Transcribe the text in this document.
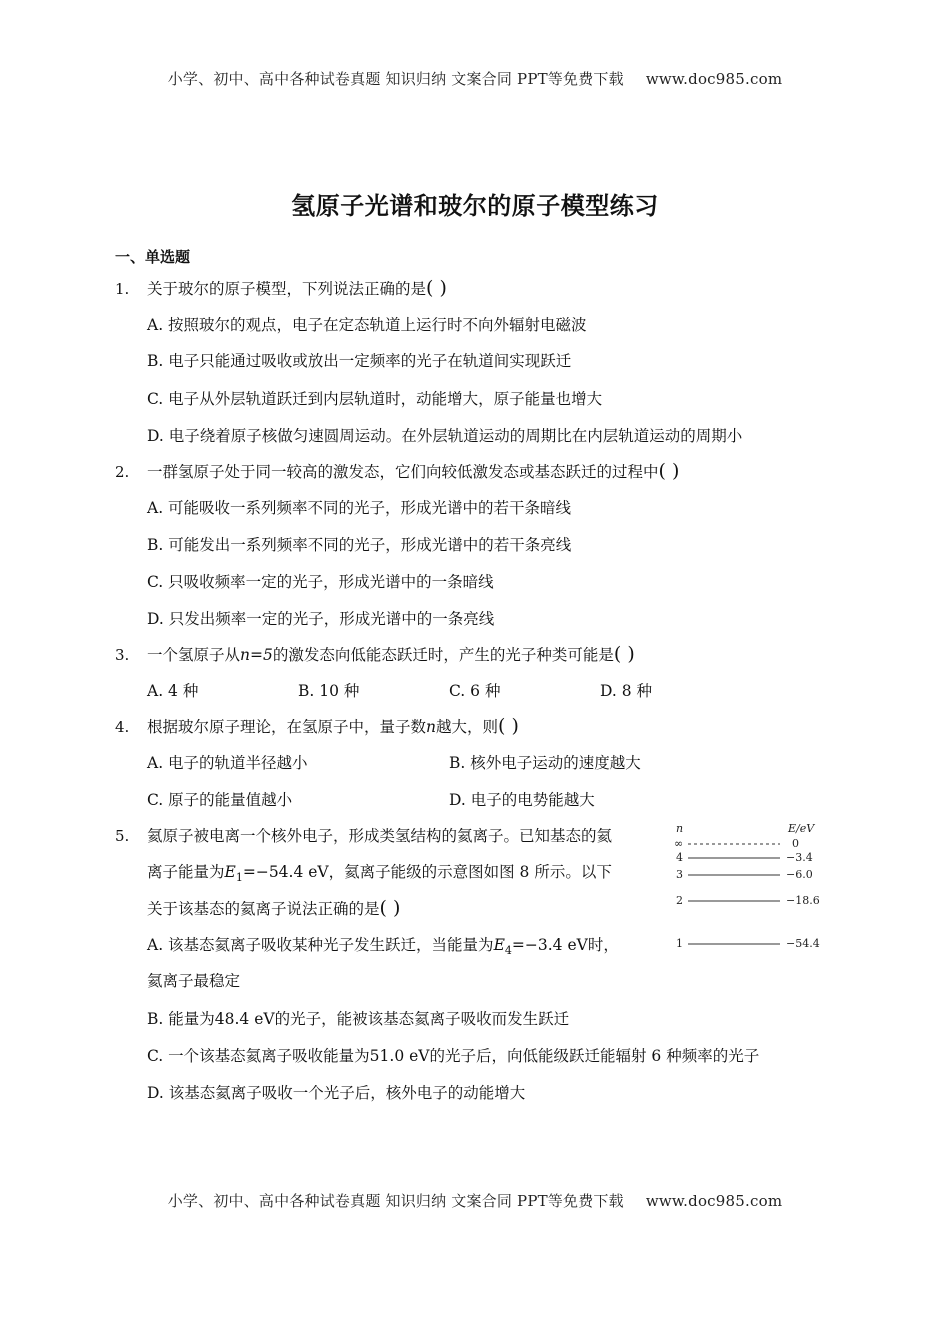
小学、初中、高中各种试卷真题 知识归纳 文案合同 PPT等免费下载 www.doc985.com
氢原子光谱和玻尔的原子模型练习
一、单选题
1. 关于玻尔的原子模型，下列说法正确的是( )
A. 按照玻尔的观点，电子在定态轨道上运行时不向外辐射电磁波
B. 电子只能通过吸收或放出一定频率的光子在轨道间实现跃迁
C. 电子从外层轨道跃迁到内层轨道时，动能增大，原子能量也增大
D. 电子绕着原子核做匀速圆周运动。在外层轨道运动的周期比在内层轨道运动的周期小
2. 一群氢原子处于同一较高的激发态，它们向较低激发态或基态跃迁的过程中( )
A. 可能吸收一系列频率不同的光子，形成光谱中的若干条暗线
B. 可能发出一系列频率不同的光子，形成光谱中的若干条亮线
C. 只吸收频率一定的光子，形成光谱中的一条暗线
D. 只发出频率一定的光子，形成光谱中的一条亮线
3. 一个氢原子从n=5的激发态向低能态跃迁时，产生的光子种类可能是( )
A. 4 种	B. 10 种	C. 6 种	D. 8 种
4. 根据玻尔原子理论，在氢原子中，量子数n越大，则( )
A. 电子的轨道半径越小	B. 核外电子运动的速度越大
C. 原子的能量值越小	D. 电子的电势能越大
5. 氦原子被电离一个核外电子，形成类氢结构的氦离子。已知基态的氦
离子能量为$E_1=-54.4$ eV，氦离子能级的示意图如图 8 所示。以下
关于该基态的氦离子说法正确的是( )
A. 该基态氦离子吸收某种光子发生跃迁，当能量为$E_4=-3.4$ eV时，
氦离子最稳定
B. 能量为48.4 eV的光子，能被该基态氦离子吸收而发生跃迁
C. 一个该基态氦离子吸收能量为51.0 eV的光子后，向低能级跃迁能辐射 6 种频率的光子
D. 该基态氦离子吸收一个光子后，核外电子的动能增大
n	E/eV
∞	0
4	−3.4
3	−6.0
2	−18.6
1	−54.4
小学、初中、高中各种试卷真题 知识归纳 文案合同 PPT等免费下载 www.doc985.com
